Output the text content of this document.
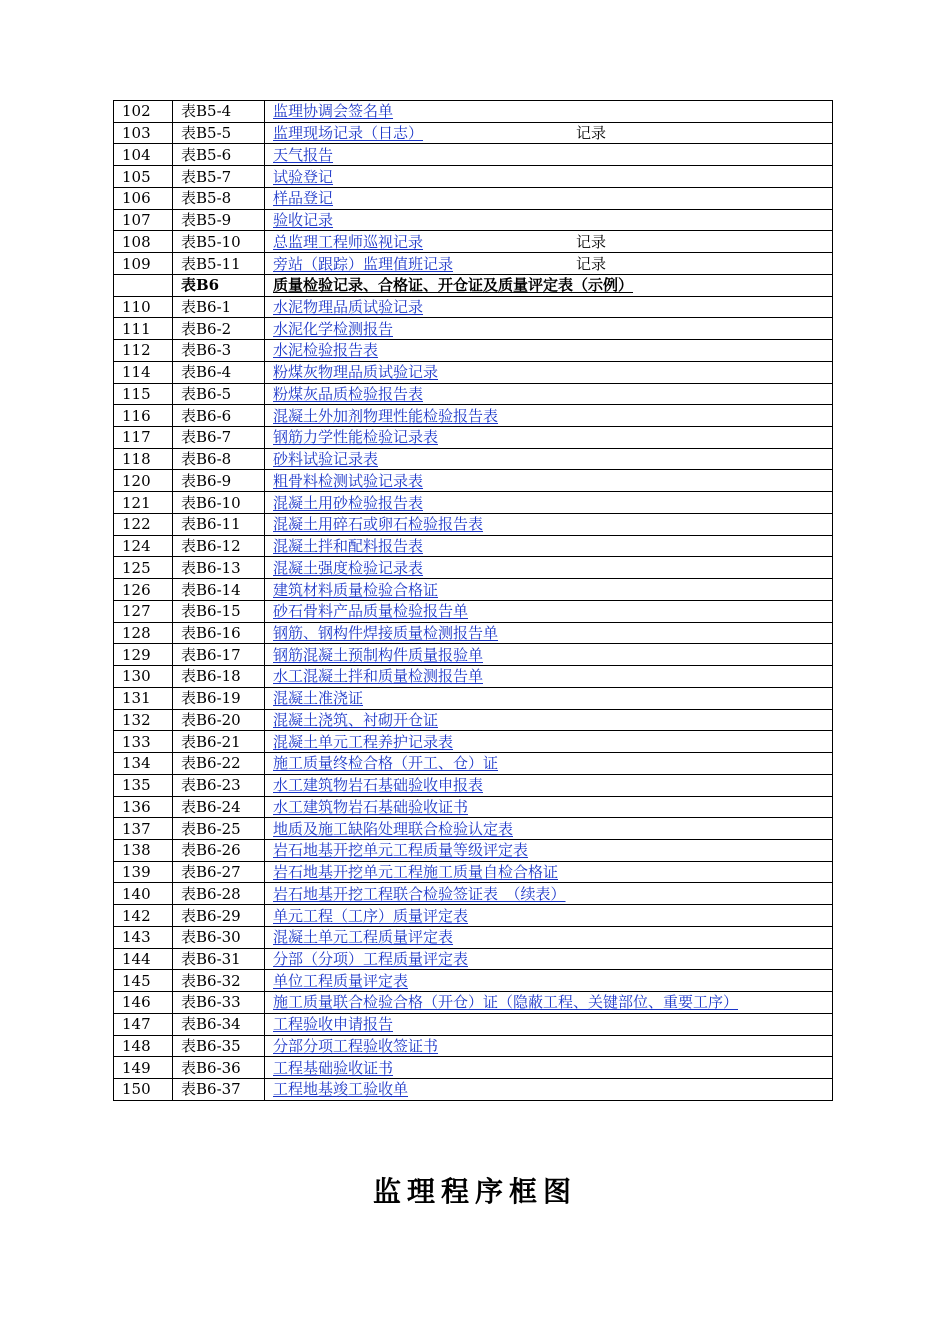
102	表B5-4	监理协调会签名单
103	表B5-5	监理现场记录（日志） 记录

104	表B5-6	天气报告
105	表B5-7	试验登记
106	表B5-8	样品登记
107	表B5-9	验收记录
108	表B5-10	总监理工程师巡视记录 记录

109	表B5-11	旁站（跟踪）监理值班记录 记录

	表B6	质量检验记录、合格证、开仓证及质量评定表（示例）
110	表B6-1	水泥物理品质试验记录
111	表B6-2	水泥化学检测报告
112	表B6-3	水泥检验报告表
114	表B6-4	粉煤灰物理品质试验记录
115	表B6-5	粉煤灰品质检验报告表
116	表B6-6	混凝土外加剂物理性能检验报告表
117	表B6-7	钢筋力学性能检验记录表
118	表B6-8	砂料试验记录表
120	表B6-9	粗骨料检测试验记录表
121	表B6-10	混凝土用砂检验报告表
122	表B6-11	混凝土用碎石或卵石检验报告表
124	表B6-12	混凝土拌和配料报告表
125	表B6-13	混凝土强度检验记录表
126	表B6-14	建筑材料质量检验合格证
127	表B6-15	砂石骨料产品质量检验报告单
128	表B6-16	钢筋、钢构件焊接质量检测报告单
129	表B6-17	钢筋混凝土预制构件质量报验单
130	表B6-18	水工混凝土拌和质量检测报告单
131	表B6-19	混凝土准浇证
132	表B6-20	混凝土浇筑、衬砌开仓证
133	表B6-21	混凝土单元工程养护记录表
134	表B6-22	施工质量终检合格（开工、仓）证
135	表B6-23	水工建筑物岩石基础验收申报表
136	表B6-24	水工建筑物岩石基础验收证书
137	表B6-25	地质及施工缺陷处理联合检验认定表
138	表B6-26	岩石地基开挖单元工程质量等级评定表
139	表B6-27	岩石地基开挖单元工程施工质量自检合格证
140	表B6-28	岩石地基开挖工程联合检验签证表　（续表）
142	表B6-29	单元工程（工序）质量评定表
143	表B6-30	混凝土单元工程质量评定表
144	表B6-31	分部（分项）工程质量评定表
145	表B6-32	单位工程质量评定表
146	表B6-33	施工质量联合检验合格（开仓）证（隐蔽工程、关键部位、重要工序）
147	表B6-34	工程验收申请报告
148	表B6-35	分部分项工程验收签证书
149	表B6-36	工程基础验收证书
150	表B6-37	工程地基竣工验收单
监理程序框图
